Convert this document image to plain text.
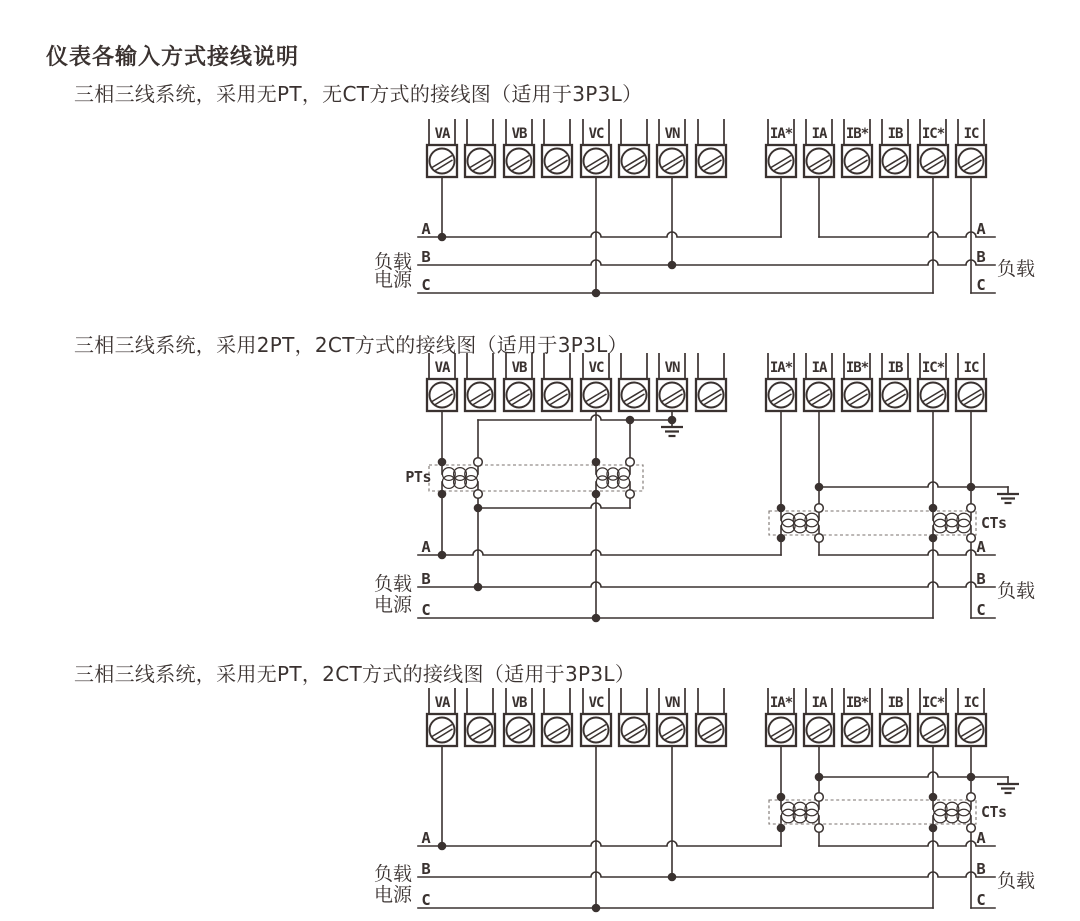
仪表各输入方式接线说明
三相三线系统，采用无PT，无CT方式的接线图（适用于3P3L）
三相三线系统，采用2PT，2CT方式的接线图（适用于3P3L）
三相三线系统，采用无PT，2CT方式的接线图（适用于3P3L）
A
B
C
A
B
C
负载
电源	负载
VA	VB	VC	VN	IA* IA IB* IB IC* IC
A
B
C
A
B
C
负载
电源
负载
PTs
CTs
VA	VB	VC	VN	IA* IA IB* IB IC* IC
A
B
C
A
B
C
负载
电源
负载
CTs
VA	VB	VC	VN	IA* IA IB* IB IC* IC
